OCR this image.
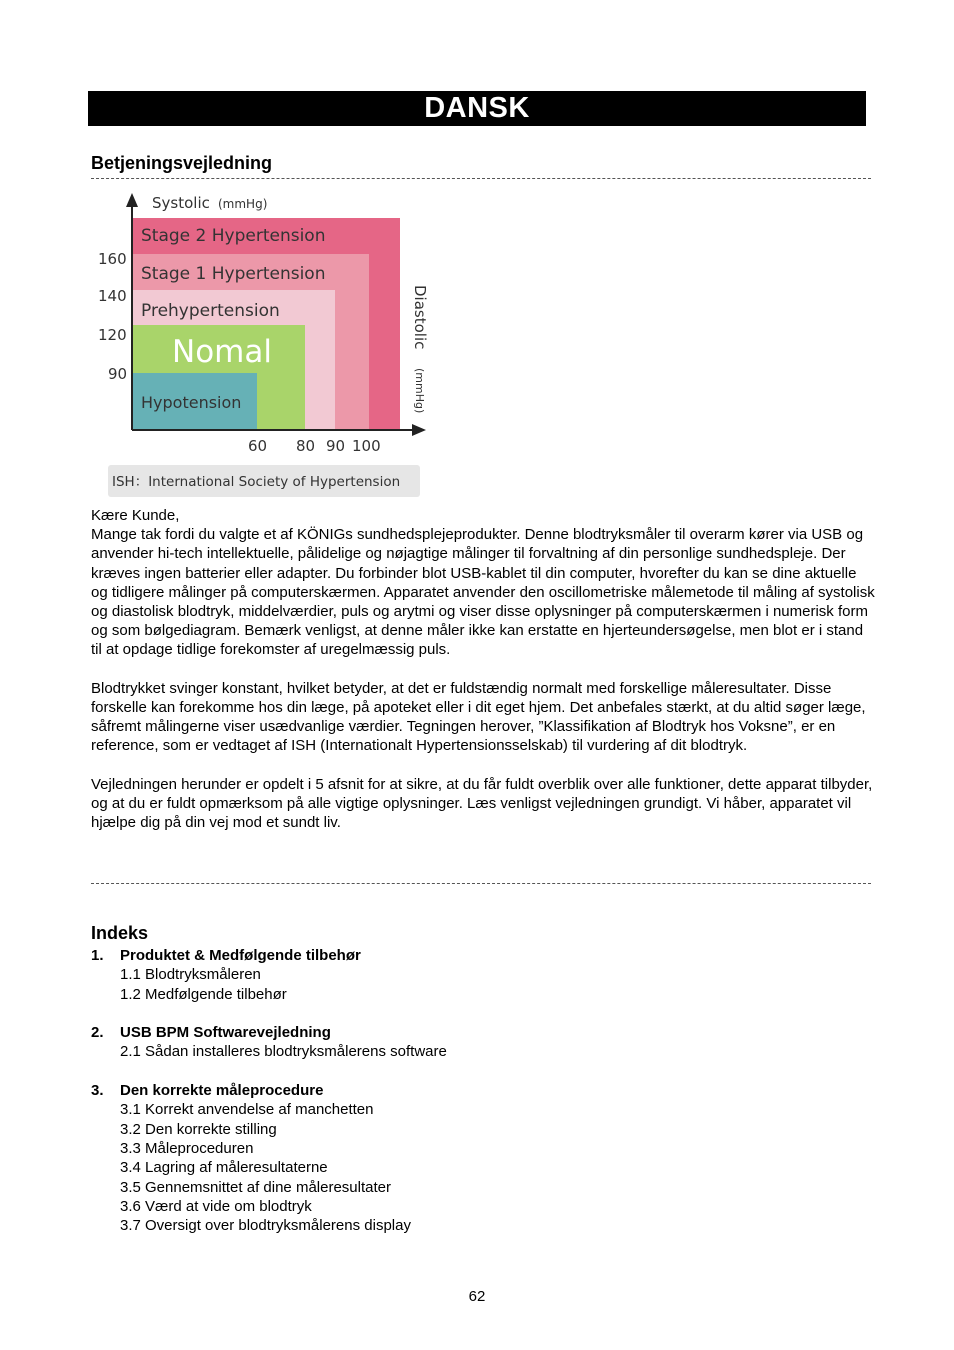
DANSK
Betjeningsvejledning
Stage 2 Hypertension
Stage 1 Hypertension
Prehypertension
Nomal
Hypotension
Systolic (mmHg)
Diastolic
(mmHg)
160
140
120
90
60 80 90 100
ISH：International Society of Hypertension

Kære Kunde,
Mange tak fordi du valgte et af KÖNIGs sundhedsplejeprodukter. Denne blodtryksmåler til overarm kører via USB og anvender hi-tech intellektuelle, pålidelige og nøjagtige målinger til forvaltning af din personlige sundhedspleje. Der kræves ingen batterier eller adapter. Du forbinder blot USB-kablet til din computer, hvorefter du kan se dine aktuelle og tidligere målinger på computerskærmen. Apparatet anvender den oscillometriske målemetode til måling af systolisk og diastolisk blodtryk, middelværdier, puls og arytmi og viser disse oplysninger på computerskærmen i numerisk form og som bølgediagram. Bemærk venligst, at denne måler ikke kan erstatte en hjerteundersøgelse, men blot er i stand til at opdage tidlige forekomster af uregelmæssig puls.

Blodtrykket svinger konstant, hvilket betyder, at det er fuldstændig normalt med forskellige måleresultater. Disse forskelle kan forekomme hos din læge, på apoteket eller i dit eget hjem. Det anbefales stærkt, at du altid søger læge, såfremt målingerne viser usædvanlige værdier. Tegningen herover, ”Klassifikation af Blodtryk hos Voksne”, er en reference, som er vedtaget af ISH (Internationalt Hypertensionsselskab) til vurdering af dit blodtryk.

Vejledningen herunder er opdelt i 5 afsnit for at sikre, at du får fuldt overblik over alle funktioner, dette apparat tilbyder, og at du er fuldt opmærksom på alle vigtige oplysninger. Læs venligst vejledningen grundigt. Vi håber, apparatet vil hjælpe dig på din vej mod et sundt liv.

Indeks
1.	Produktet & Medfølgende tilbehør
1.1 Blodtryksmåleren
1.2 Medfølgende tilbehør
2.	USB BPM Softwarevejledning
2.1 Sådan installeres blodtryksmålerens software
3.	Den korrekte måleprocedure
3.1 Korrekt anvendelse af manchetten
3.2 Den korrekte stilling
3.3 Måleproceduren
3.4 Lagring af måleresultaterne
3.5 Gennemsnittet af dine måleresultater
3.6 Værd at vide om blodtryk
3.7 Oversigt over blodtryksmålerens display
62
